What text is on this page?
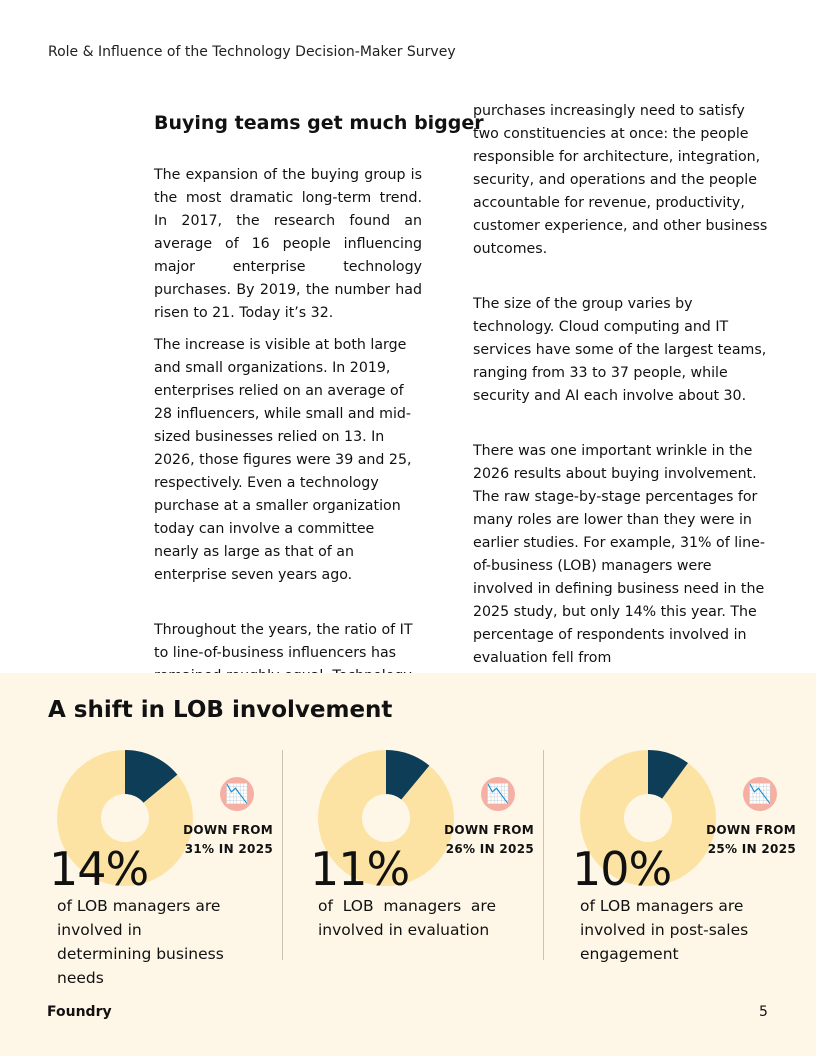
Role & Influence of the Technology Decision-Maker Survey
Buying teams get much bigger

The expansion of the buying group is the most dramatic long-term trend. In 2017, the research found an average of 16 people influencing major enterprise technology purchases. By 2019, the number had risen to 21. Today it’s 32.

The increase is visible at both large and small organizations. In 2019, enterprises relied on an average of 28 influencers, while small and mid-sized businesses relied on 13. In 2026, those figures were 39 and 25, respectively. Even a technology purchase at a smaller organization today can involve a committee nearly as large as that of an enterprise seven years ago.

Throughout the years, the ratio of IT to line-of-business influencers has

purchases increasingly need to satisfy two constituencies at once: the people responsible for architecture, integration, security, and operations and the people accountable for revenue, productivity, customer experience, and other business outcomes.

The size of the group varies by technology. Cloud computing and IT services have some of the largest teams, ranging from 33 to 37 people, while security and AI each involve about 30.

There was one important wrinkle in the 2026 results about buying involvement. The raw stage-by-stage percentages for many roles are lower than they were in earlier studies. For example, 31% of line-of-business (LOB) managers were involved in defining business need in the 2025 study, but only 14% this year. The percentage of respondents involved in evaluation fell from

A shift in LOB involvement
📉
DOWN FROM 31% IN 2025
14%
of LOB managers are involved in determining business needs
📉
DOWN FROM 26% IN 2025
11%
of LOB managers are involved in evaluation
📉
DOWN FROM 25% IN 2025
10%
of LOB managers are involved in post-sales engagement
Foundry	5
